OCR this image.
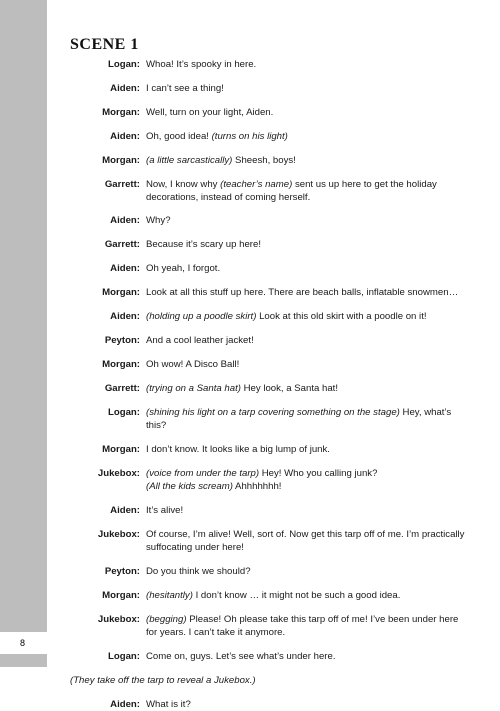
8
SCENE 1
Logan: Whoa! It’s spooky in here.
Aiden: I can’t see a thing!
Morgan: Well, turn on your light, Aiden.
Aiden: Oh, good idea! (turns on his light)
Morgan: (a little sarcastically) Sheesh, boys!
Garrett: Now, I know why (teacher’s name) sent us up here to get the holiday decorations, instead of coming herself.
Aiden: Why?
Garrett: Because it’s scary up here!
Aiden: Oh yeah, I forgot.
Morgan: Look at all this stuff up here. There are beach balls, inflatable snowmen…
Aiden: (holding up a poodle skirt) Look at this old skirt with a poodle on it!
Peyton: And a cool leather jacket!
Morgan: Oh wow! A Disco Ball!
Garrett: (trying on a Santa hat) Hey look, a Santa hat!
Logan: (shining his light on a tarp covering something on the stage) Hey, what’s this?
Morgan: I don’t know. It looks like a big lump of junk.
Jukebox: (voice from under the tarp) Hey! Who you calling junk?
(All the kids scream) Ahhhhhhh!
Aiden: It’s alive!
Jukebox: Of course, I’m alive! Well, sort of. Now get this tarp off of me. I’m practically suffocating under here!
Peyton: Do you think we should?
Morgan: (hesitantly) I don’t know … it might not be such a good idea.
Jukebox: (begging) Please! Oh please take this tarp off of me! I’ve been under here for years. I can’t take it anymore.
Logan: Come on, guys. Let’s see what’s under here.
(They take off the tarp to reveal a Jukebox.)
Aiden: What is it?
